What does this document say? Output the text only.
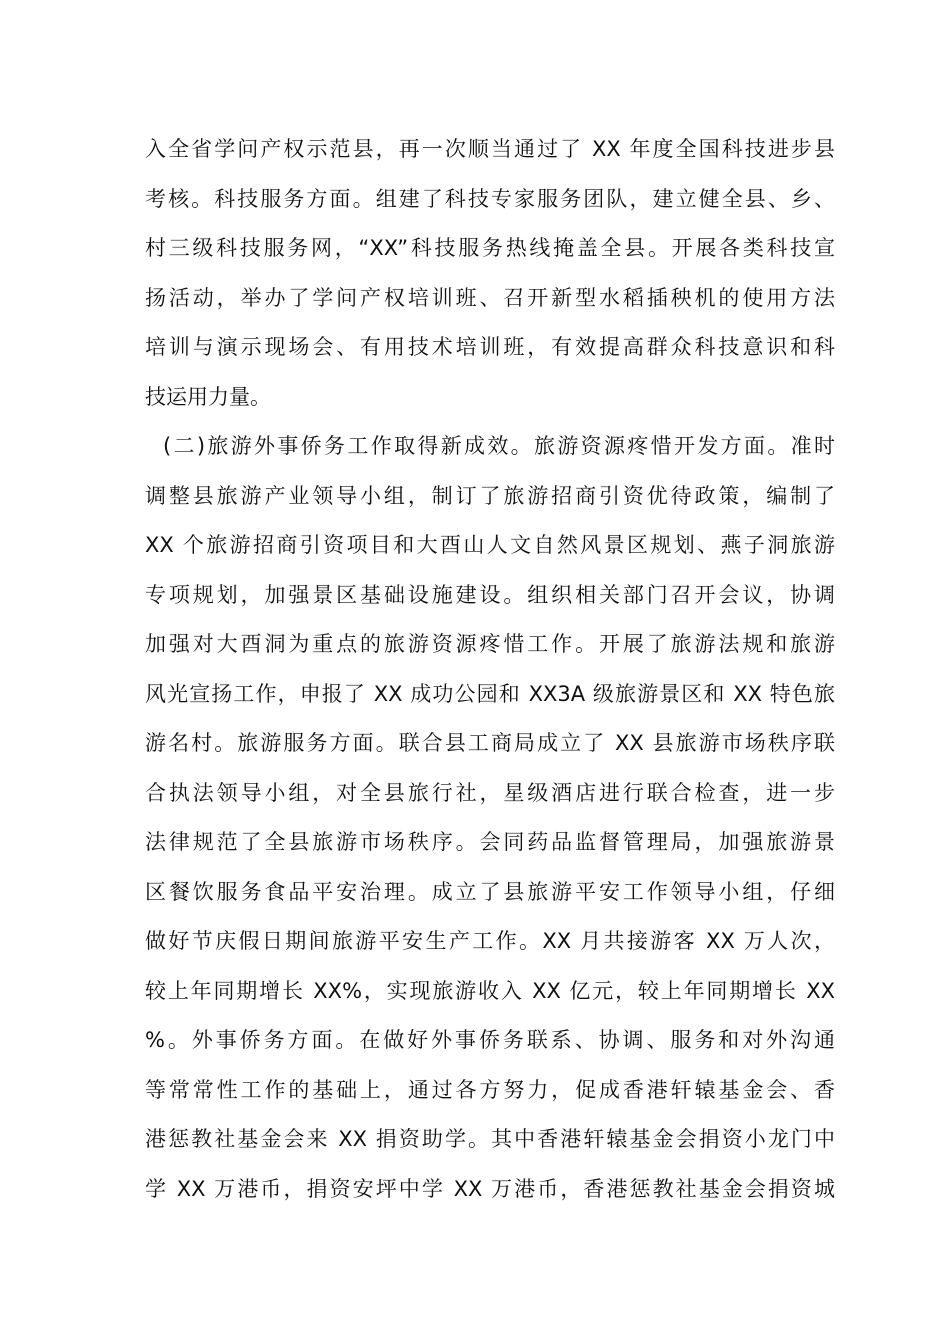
入全省学问产权示范县，再一次顺当通过了 XX 年度全国科技进步县
考核。科技服务方面。组建了科技专家服务团队，建立健全县、乡、
村三级科技服务网，“XX”科技服务热线掩盖全县。开展各类科技宣
扬活动，举办了学问产权培训班、召开新型水稻插秧机的使用方法
培训与演示现场会、有用技术培训班，有效提高群众科技意识和科
技运用力量。
(二)旅游外事侨务工作取得新成效。旅游资源疼惜开发方面。准时
调整县旅游产业领导小组，制订了旅游招商引资优待政策，编制了
XX 个旅游招商引资项目和大酉山人文自然风景区规划、燕子洞旅游
专项规划，加强景区基础设施建设。组织相关部门召开会议，协调
加强对大酉洞为重点的旅游资源疼惜工作。开展了旅游法规和旅游
风光宣扬工作，申报了 XX 成功公园和 XX3A 级旅游景区和 XX 特色旅
游名村。旅游服务方面。联合县工商局成立了 XX 县旅游市场秩序联
合执法领导小组，对全县旅行社，星级酒店进行联合检查，进一步
法律规范了全县旅游市场秩序。会同药品监督管理局，加强旅游景
区餐饮服务食品平安治理。成立了县旅游平安工作领导小组，仔细
做好节庆假日期间旅游平安生产工作。XX 月共接游客 XX 万人次，
较上年同期增长 XX%，实现旅游收入 XX 亿元，较上年同期增长 XX
%。外事侨务方面。在做好外事侨务联系、协调、服务和对外沟通
等常常性工作的基础上，通过各方努力，促成香港轩辕基金会、香
港惩教社基金会来 XX 捐资助学。其中香港轩辕基金会捐资小龙门中
学 XX 万港币，捐资安坪中学 XX 万港币，香港惩教社基金会捐资城
